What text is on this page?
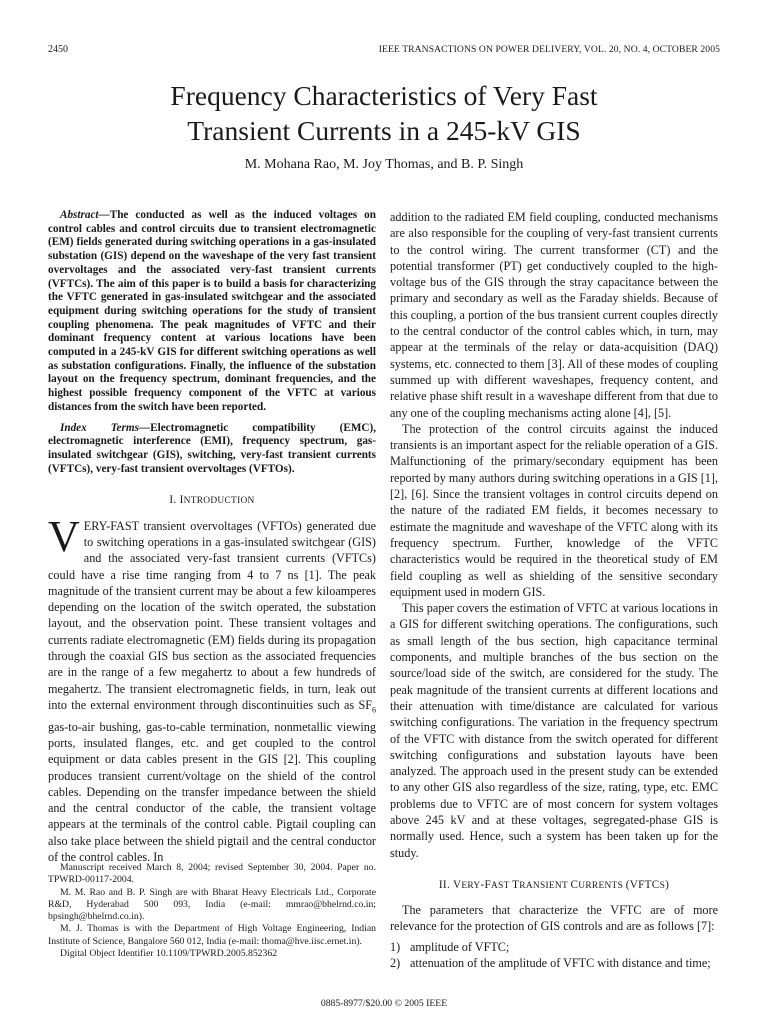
2450	IEEE TRANSACTIONS ON POWER DELIVERY, VOL. 20, NO. 4, OCTOBER 2005
Frequency Characteristics of Very Fast
Transient Currents in a 245-kV GIS
M. Mohana Rao, M. Joy Thomas, and B. P. Singh

Abstract—The conducted as well as the induced voltages on control cables and control circuits due to transient electromagnetic (EM) fields generated during switching operations in a gas-insulated substation (GIS) depend on the waveshape of the very fast transient overvoltages and the associated very-fast transient currents (VFTCs). The aim of this paper is to build a basis for characterizing the VFTC generated in gas-insulated switchgear and the associated equipment during switching operations for the study of transient coupling phenomena. The peak magnitudes of VFTC and their dominant frequency content at various locations have been computed in a 245-kV GIS for different switching operations as well as substation configurations. Finally, the influence of the substation layout on the frequency spectrum, dominant frequencies, and the highest possible frequency component of the VFTC at various distances from the switch have been reported.

Index Terms—Electromagnetic compatibility (EMC), electromagnetic interference (EMI), frequency spectrum, gas-insulated switchgear (GIS), switching, very-fast transient currents (VFTCs), very-fast transient overvoltages (VFTOs).

I. INTRODUCTION

VERY-FAST transient overvoltages (VFTOs) generated due to switching operations in a gas-insulated switchgear (GIS) and the associated very-fast transient currents (VFTCs) could have a rise time ranging from 4 to 7 ns [1]. The peak magnitude of the transient current may be about a few kiloamperes depending on the location of the switch operated, the substation layout, and the observation point. These transient voltages and currents radiate electromagnetic (EM) fields during its propagation through the coaxial GIS bus section as the associated frequencies are in the range of a few megahertz to about a few hundreds of megahertz. The transient electromagnetic fields, in turn, leak out into the external environment through discontinuities such as $SF_6$ gas-to-air bushing, gas-to-cable termination, nonmetallic viewing ports, insulated flanges, etc. and get coupled to the control equipment or data cables present in the GIS [2]. This coupling produces transient current/voltage on the shield of the control cables. Depending on the transfer impedance between the shield and the central conductor of the cable, the transient voltage appears at the terminals of the control cable. Pigtail coupling can also take place between the shield pigtail and the central conductor of the control cables. In

Manuscript received March 8, 2004; revised September 30, 2004. Paper no. TPWRD-00117-2004.

M. M. Rao and B. P. Singh are with Bharat Heavy Electricals Ltd., Corporate R&D, Hyderabad 500 093, India (e-mail: mmrao@bhelrnd.co.in; bpsingh@bhelrnd.co.in).

M. J. Thomas is with the Department of High Voltage Engineering, Indian Institute of Science, Bangalore 560 012, India (e-mail: thoma@hve.iisc.ernet.in).

Digital Object Identifier 10.1109/TPWRD.2005.852362

addition to the radiated EM field coupling, conducted mechanisms are also responsible for the coupling of very-fast transient currents to the control wiring. The current transformer (CT) and the potential transformer (PT) get conductively coupled to the high-voltage bus of the GIS through the stray capacitance between the primary and secondary as well as the Faraday shields. Because of this coupling, a portion of the bus transient current couples directly to the central conductor of the control cables which, in turn, may appear at the terminals of the relay or data-acquisition (DAQ) systems, etc. connected to them [3]. All of these modes of coupling summed up with different waveshapes, frequency content, and relative phase shift result in a waveshape different from that due to any one of the coupling mechanisms acting alone [4], [5].

The protection of the control circuits against the induced transients is an important aspect for the reliable operation of a GIS. Malfunctioning of the primary/secondary equipment has been reported by many authors during switching operations in a GIS [1], [2], [6]. Since the transient voltages in control circuits depend on the nature of the radiated EM fields, it becomes necessary to estimate the magnitude and waveshape of the VFTC along with its frequency spectrum. Further, knowledge of the VFTC characteristics would be required in the theoretical study of EM field coupling as well as shielding of the sensitive secondary equipment used in modern GIS.

This paper covers the estimation of VFTC at various locations in a GIS for different switching operations. The configurations, such as small length of the bus section, high capacitance terminal components, and multiple branches of the bus section on the source/load side of the switch, are considered for the study. The peak magnitude of the transient currents at different locations and their attenuation with time/distance are calculated for various switching configurations. The variation in the frequency spectrum of the VFTC with distance from the switch operated for different switching configurations and substation layouts have been analyzed. The approach used in the present study can be extended to any other GIS also regardless of the size, rating, type, etc. EMC problems due to VFTC are of most concern for system voltages above 245 kV and at these voltages, segregated-phase GIS is normally used. Hence, such a system has been taken up for the study.

II. VERY-FAST TRANSIENT CURRENTS (VFTCS)

The parameters that characterize the VFTC are of more relevance for the protection of GIS controls and are as follows [7]:

1) amplitude of VFTC;
2) attenuation of the amplitude of VFTC with distance and time;
0885-8977/$20.00 © 2005 IEEE
